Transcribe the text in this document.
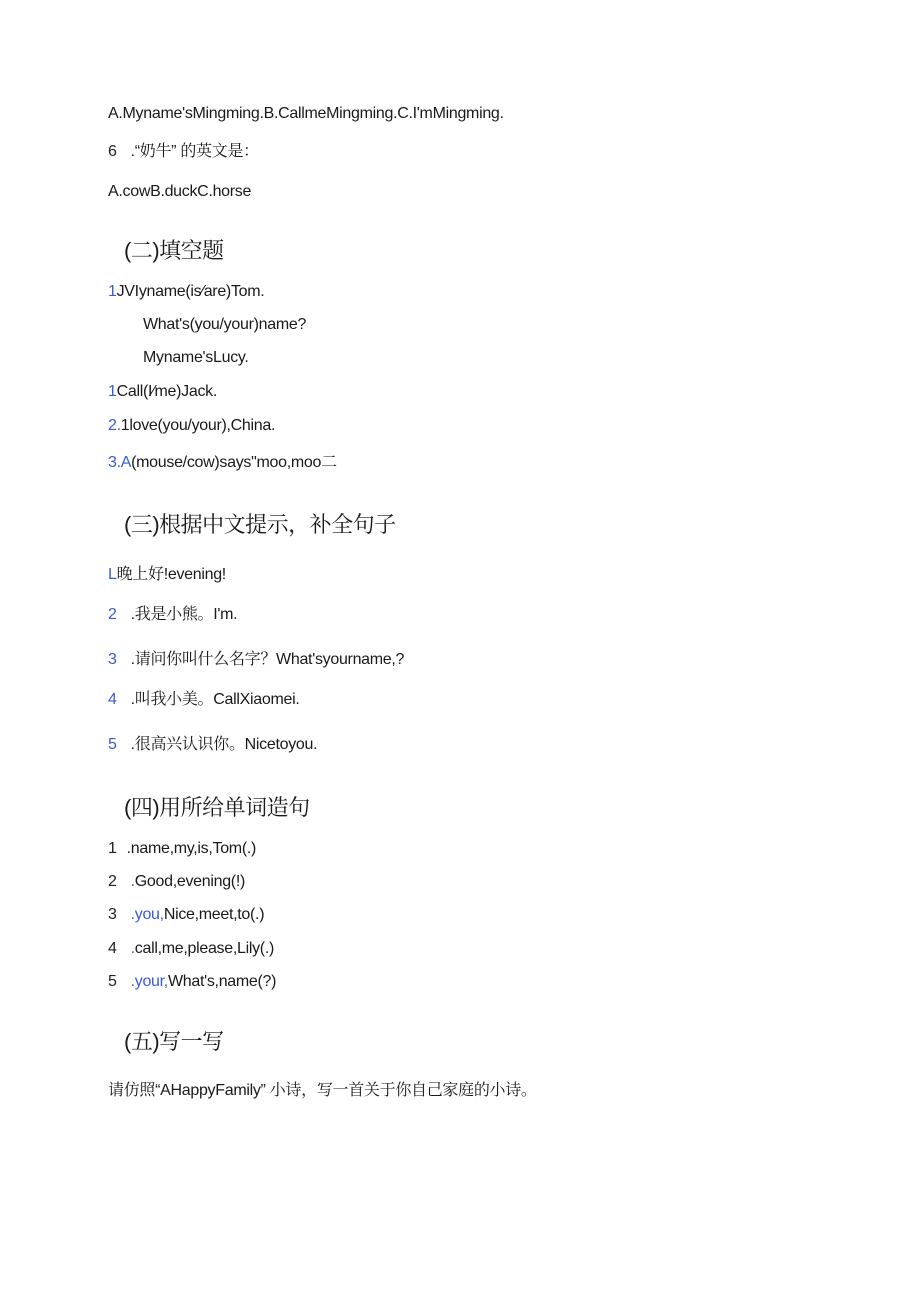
A.Myname'sMingming.B.CallmeMingming.C.I'mMingming.
6 .“奶牛” 的英文是：
A.cowB.duckC.horse
(二)填空题
1JVIyname(is⁄are)Tom.
What's(you/your)name?
Myname'sLucy.
1Call(I⁄me)Jack.
2.1love(you/your),China.
3.A(mouse/cow)says"moo,moo二
(三)根据中文提示，补全句子
L晚上好!evening!
2 .我是小熊。I'm.
3 .请问你叫什么名字？What'syourname,?
4 .叫我小美。CallXiaomei.
5 .很高兴认识你。Nicetoyou.
(四)用所给单词造句
1 .name,my,is,Tom(.)
2 .Good,evening(!)
3 .you,Nice,meet,to(.)
4 .call,me,please,Lily(.)
5 .your,What's,name(?)
(五)写一写
请仿照“AHappyFamily” 小诗，写一首关于你自己家庭的小诗。
